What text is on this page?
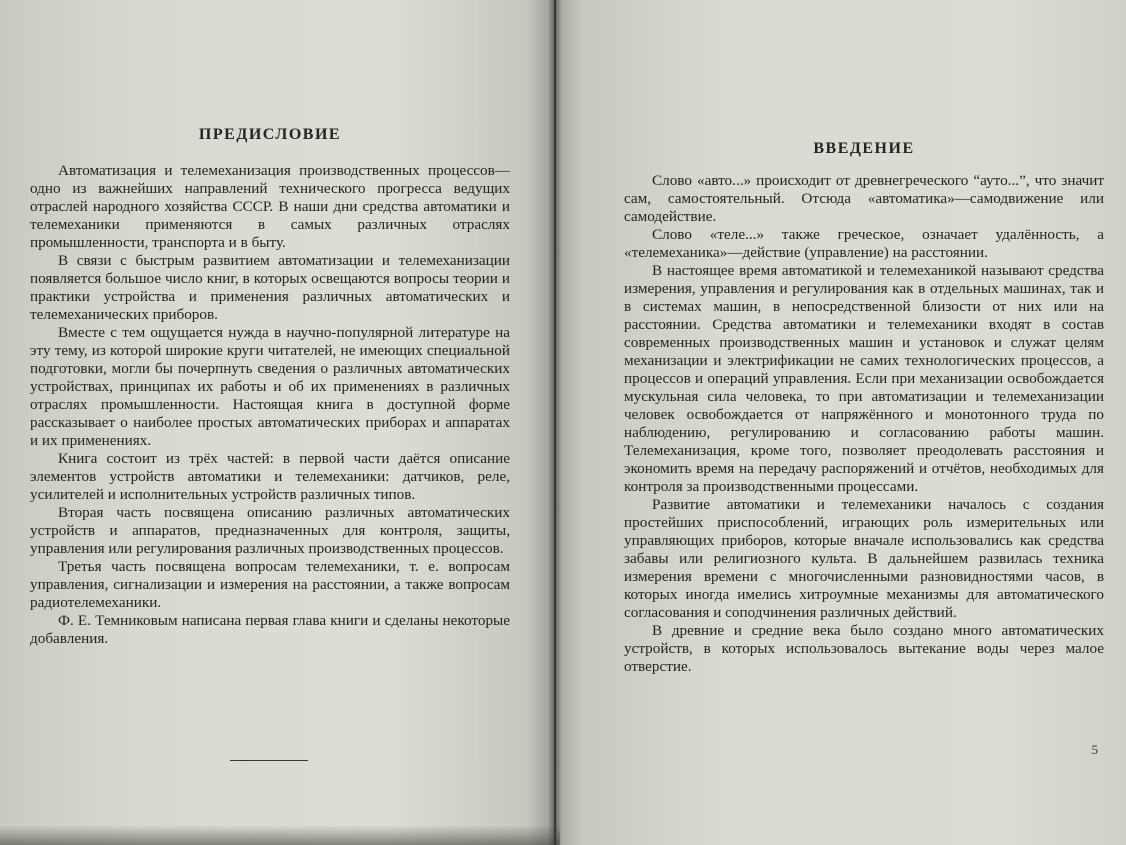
ПРЕДИСЛОВИЕ

Автоматизация и телемеханизация производственных процессов—одно из важнейших направлений технического прогресса ведущих отраслей народного хозяйства СССР. В наши дни средства автоматики и телемеханики применяются в самых различных отраслях промышленности, транспорта и в быту.

В связи с быстрым развитием автоматизации и телемеханизации появляется большое число книг, в которых освещаются вопросы теории и практики устройства и применения различных автоматических и телемеханических приборов.

Вместе с тем ощущается нужда в научно-популярной литературе на эту тему, из которой широкие круги читателей, не имеющих специальной подготовки, могли бы почерпнуть сведения о различных автоматических устройствах, принципах их работы и об их применениях в различных отраслях промышленности. Настоящая книга в доступной форме рассказывает о наиболее простых автоматических приборах и аппаратах и их применениях.

Книга состоит из трёх частей: в первой части даётся описание элементов устройств автоматики и телемеханики: датчиков, реле, усилителей и исполнительных устройств различных типов.

Вторая часть посвящена описанию различных автоматических устройств и аппаратов, предназначенных для контроля, защиты, управления или регулирования различных производственных процессов.

Третья часть посвящена вопросам телемеханики, т. е. вопросам управления, сигнализации и измерения на расстоянии, а также вопросам радиотелемеханики.

Ф. Е. Темниковым написана первая глава книги и сделаны некоторые добавления.

ВВЕДЕНИЕ

Слово «авто...» происходит от древнегреческого “ауто...”, что значит сам, самостоятельный. Отсюда «автоматика»—самодвижение или самодействие.

Слово «теле...» также греческое, означает удалённость, а «телемеханика»—действие (управление) на расстоянии.

В настоящее время автоматикой и телемеханикой называют средства измерения, управления и регулирования как в отдельных машинах, так и в системах машин, в непосредственной близости от них или на расстоянии. Средства автоматики и телемеханики входят в состав современных производственных машин и установок и служат целям механизации и электрификации не самих технологических процессов, а процессов и операций управления. Если при механизации освобождается мускульная сила человека, то при автоматизации и телемеханизации человек освобождается от напряжённого и монотонного труда по наблюдению, регулированию и согласованию работы машин. Телемеханизация, кроме того, позволяет преодолевать расстояния и экономить время на передачу распоряжений и отчётов, необходимых для контроля за производственными процессами.

Развитие автоматики и телемеханики началось с создания простейших приспособлений, играющих роль измерительных или управляющих приборов, которые вначале использовались как средства забавы или религиозного культа. В дальнейшем развилась техника измерения времени с многочисленными разновидностями часов, в которых иногда имелись хитроумные механизмы для автоматического согласования и соподчинения различных действий.

В древние и средние века было создано много автоматических устройств, в которых использовалось вытекание воды через малое отверстие.

5
